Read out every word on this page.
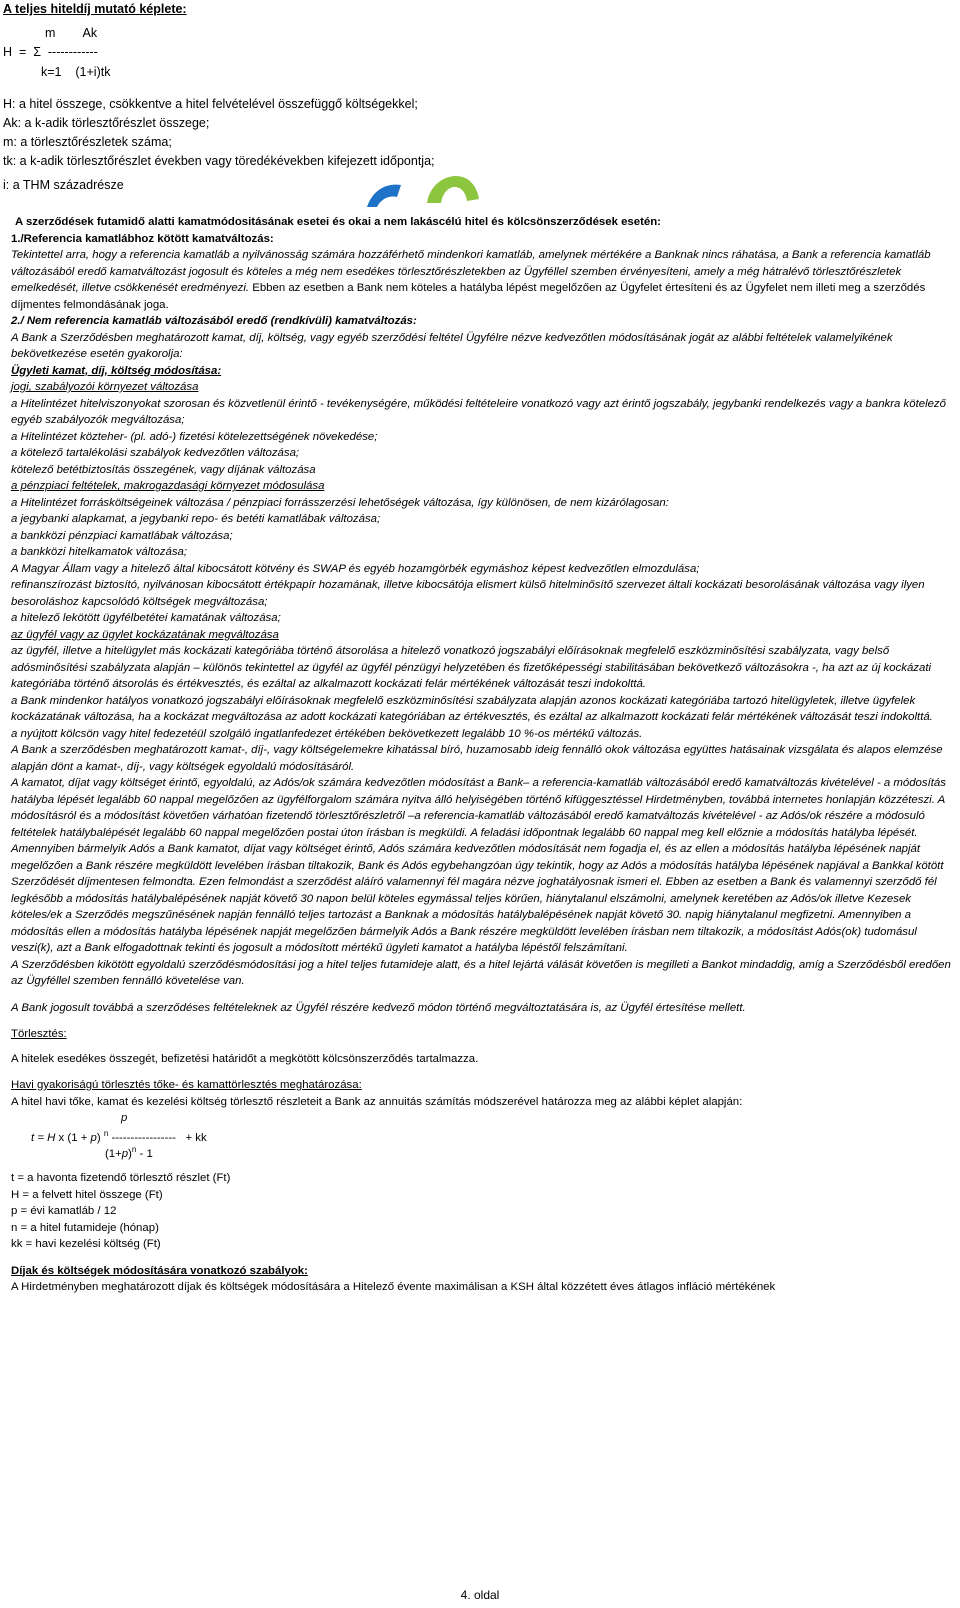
A teljes hiteldíj mutató képlete:
m        Ak
H  =  Σ  ------------
k=1    (1+i)tk
H: a hitel összege, csökkentve a hitel felvételével összefüggő költségekkel;
Ak: a k-adik törlesztőrészlet összege;
m: a törlesztőrészletek száma;
tk: a k-adik törlesztőrészlet években vagy töredékévekben kifejezett időpontja;
i: a THM századrésze

A szerződések futamidő alatti kamatmódositásának esetei és okai a nem lakáscélú hitel és kölcsönszerződések esetén:

1./Referencia kamatlábhoz kötött kamatváltozás:

Tekintettel arra, hogy a referencia kamatláb a nyilvánosság számára hozzáférhető mindenkori kamatláb, amelynek mértékére a Banknak nincs ráhatása, a Bank a referencia kamatláb változásából eredő kamatváltozást jogosult és köteles a még nem esedékes törlesztőrészletekben az Ügyféllel szemben érvényesíteni, amely a még hátralévő törlesztőrészletek emelkedését, illetve csökkenését eredményezi. Ebben az esetben a Bank nem köteles a hatályba lépést megelőzően az Ügyfelet értesíteni és az Ügyfelet nem illeti meg a szerződés díjmentes felmondásának joga.

2./ Nem referencia kamatláb változásából eredő (rendkívüli) kamatváltozás:

A Bank a Szerződésben meghatározott kamat, díj, költség, vagy egyéb szerződési feltétel Ügyfélre nézve kedvezőtlen módosításának jogát az alábbi feltételek valamelyikének bekövetkezése esetén gyakorolja:

Ügyleti kamat, díj, költség módosítása:

jogi, szabályozói környezet változása

a Hitelintézet hitelviszonyokat szorosan és közvetlenül érintő - tevékenységére, működési feltételeire vonatkozó vagy azt érintő jogszabály, jegybanki rendelkezés vagy a bankra kötelező egyéb szabályozók megváltozása;

a Hitelintézet közteher- (pl. adó-) fizetési kötelezettségének növekedése;

a kötelező tartalékolási szabályok kedvezőtlen változása;

kötelező betétbiztosítás összegének, vagy díjának változása

a pénzpiaci feltételek, makrogazdasági környezet módosulása

a Hitelintézet forrásköltségeinek változása / pénzpiaci forrásszerzési lehetőségek változása, így különösen, de nem kizárólagosan:

a jegybanki alapkamat, a jegybanki repo- és betéti kamatlábak változása;

a bankközi pénzpiaci kamatlábak változása;

a bankközi hitelkamatok változása;

A Magyar Állam vagy a hitelező által kibocsátott kötvény és SWAP és egyéb hozamgörbék egymáshoz képest kedvezőtlen elmozdulása;

refinanszírozást biztosító, nyilvánosan kibocsátott értékpapír hozamának, illetve kibocsátója elismert külső hitelminősítő szervezet általi kockázati besorolásának változása vagy ilyen besoroláshoz kapcsolódó költségek megváltozása;

a hitelező lekötött ügyfélbetétei kamatának változása;

az ügyfél vagy az ügylet kockázatának megváltozása

az ügyfél, illetve a hitelügylet más kockázati kategóriába történő átsorolása a hitelező vonatkozó jogszabályi előírásoknak megfelelő eszközminősítési szabályzata, vagy belső adósminősítési szabályzata alapján – különös tekintettel az ügyfél az ügyfél pénzügyi helyzetében és fizetőképességi stabilitásában bekövetkező változásokra -, ha azt az új kockázati kategóriába történő átsorolás és értékvesztés, és ezáltal az alkalmazott kockázati felár mértékének változását teszi indokolttá.

a Bank mindenkor hatályos vonatkozó jogszabályi előírásoknak megfelelő eszközminősítési szabályzata alapján azonos kockázati kategóriába tartozó hitelügyletek, illetve ügyfelek kockázatának változása, ha a kockázat megváltozása az adott kockázati kategóriában az értékvesztés, és ezáltal az alkalmazott kockázati felár mértékének változását teszi indokolttá.

a nyújtott kölcsön vagy hitel fedezetéül szolgáló ingatlanfedezet értékében bekövetkezett legalább 10 %-os mértékű változás.

A Bank a szerződésben meghatározott kamat-, díj-, vagy költségelemekre kihatással bíró, huzamosabb ideig fennálló okok változása együttes hatásainak vizsgálata és alapos elemzése alapján dönt a kamat-, díj-, vagy költségek egyoldalú módosításáról.

A kamatot, díjat vagy költséget érintő, egyoldalú, az Adós/ok számára kedvezőtlen módosítást a Bank– a referencia-kamatláb változásából eredő kamatváltozás kivételével - a módosítás hatályba lépését legalább 60 nappal megelőzően az ügyfélforgalom számára nyitva álló helyiségében történő kifüggesztéssel Hirdetményben, továbbá internetes honlapján közzéteszi. A módosításról és a módosítást követően várhatóan fizetendő törlesztőrészletről –a referencia-kamatláb változásából eredő kamatváltozás kivételével - az Adós/ok részére a módosuló feltételek hatálybalépését legalább 60 nappal megelőzően postai úton írásban is megküldi. A feladási időpontnak legalább 60 nappal meg kell előznie a módosítás hatályba lépését.

Amennyiben bármelyik Adós a Bank kamatot, díjat vagy költséget érintő, Adós számára kedvezőtlen módosítását nem fogadja el, és az ellen a módosítás hatályba lépésének napját megelőzően a Bank részére megküldött levelében írásban tiltakozik, Bank és Adós egybehangzóan úgy tekintik, hogy az Adós a módosítás hatályba lépésének napjával a Bankkal kötött Szerződését díjmentesen felmondta. Ezen felmondást a szerződést aláíró valamennyi fél magára nézve joghatályosnak ismeri el. Ebben az esetben a Bank és valamennyi szerződő fél legkésőbb a módosítás hatálybalépésének napját követő 30 napon belül köteles egymással teljes körűen, hiánytalanul elszámolni, amelynek keretében az Adós/ok illetve Kezesek köteles/ek a Szerződés megszűnésének napján fennálló teljes tartozást a Banknak a módosítás hatálybalépésének napját követő 30. napig hiánytalanul megfizetni. Amennyiben a módosítás ellen a módosítás hatályba lépésének napját megelőzően bármelyik Adós a Bank részére megküldött levelében írásban nem tiltakozik, a módosítást Adós(ok) tudomásul veszi(k), azt a Bank elfogadottnak tekinti és jogosult a módosított mértékű ügyleti kamatot a hatályba lépéstől felszámítani.

A Szerződésben kikötött egyoldalú szerződésmódosítási jog a hitel teljes futamideje alatt, és a hitel lejártá válását követően is megilleti a Bankot mindaddig, amíg a Szerződésből eredően az Ügyféllel szemben fennálló követelése van.

A Bank jogosult továbbá a szerződéses feltételeknek az Ügyfél részére kedvező módon történő megváltoztatására is, az Ügyfél értesítése mellett.

Törlesztés:

A hitelek esedékes összegét, befizetési határidőt a megkötött kölcsönszerződés tartalmazza.

Havi gyakoriságú törlesztés tőke- és kamattörlesztés meghatározása:

A hitel havi tőke, kamat és kezelési költség törlesztő részleteit a Bank az annuitás számítás módszerével határozza meg az alábbi képlet alapján:

p
t = H x (1 + p) $^n$ -----------------   + kk
$(1+p)^n - 1$

t = a havonta fizetendő törlesztő részlet (Ft)

H = a felvett hitel összege (Ft)

p = évi kamatláb / 12

n = a hitel futamideje (hónap)

kk = havi kezelési költség (Ft)

Díjak és költségek módosítására vonatkozó szabályok:

A Hirdetményben meghatározott díjak és költségek módosítására a Hitelező évente maximálisan a KSH által közzétett éves átlagos infláció mértékének

4. oldal
